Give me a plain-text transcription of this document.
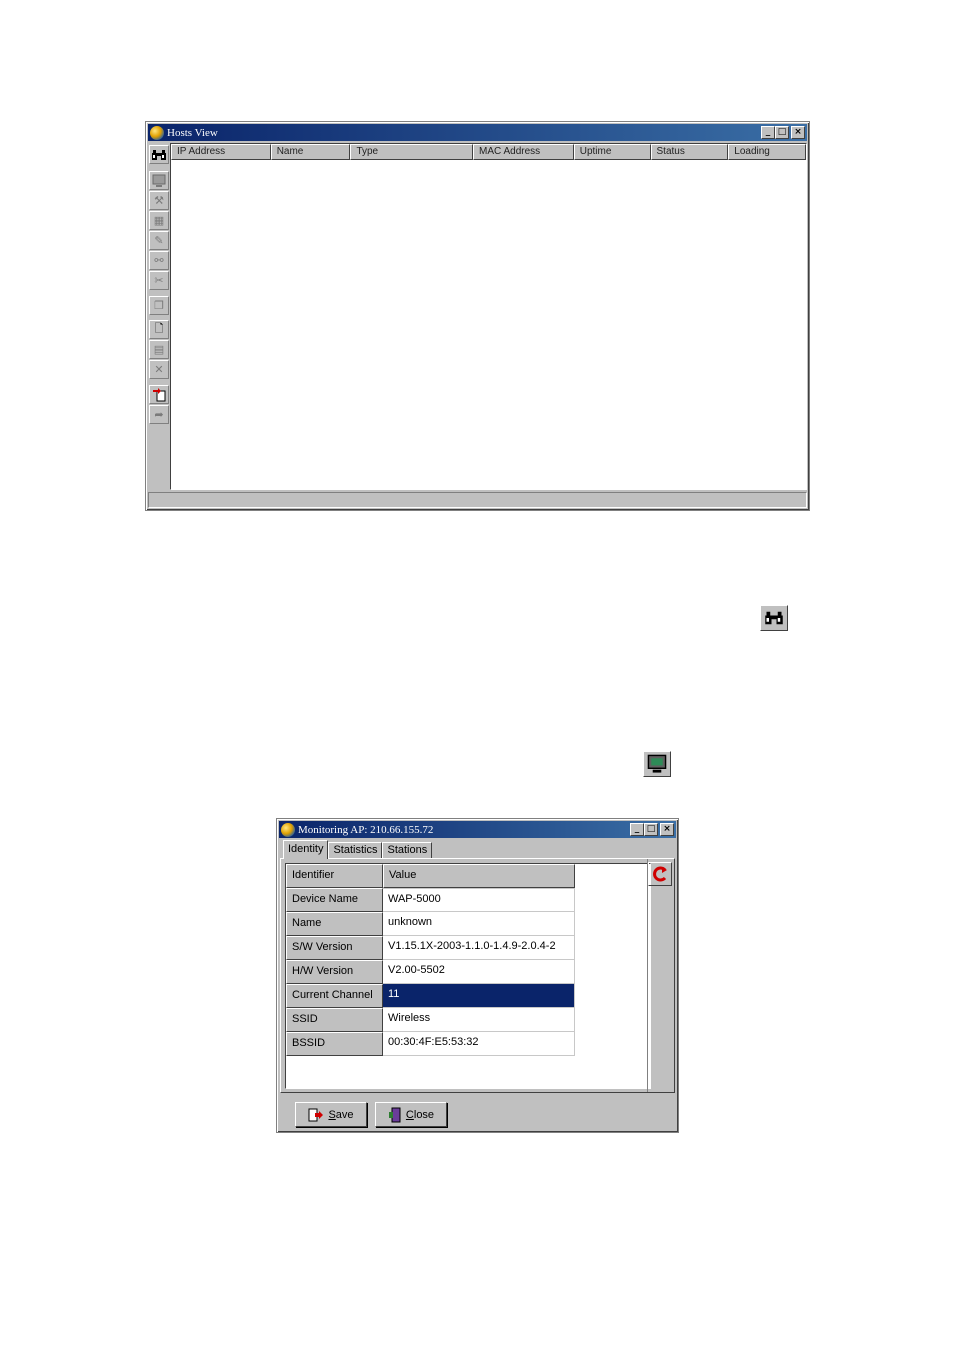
Hosts View	_ □ ×
⚒
▦
✎
⚯
✂
❐
🗋
▤
✕
➦
IP Address	Name	Type	MAC Address	Uptime	Status	Loading
Monitoring AP: 210.66.155.72	_ □ ×
Identity Statistics Stations
Identifier	Value
Device Name	WAP-5000
Name	unknown
S/W Version	V1.15.1X-2003-1.1.0-1.4.9-2.0.4-2
H/W Version	V2.00-5502
Current Channel	11
SSID	Wireless
BSSID	00:30:4F:E5:53:32
Save	Close
